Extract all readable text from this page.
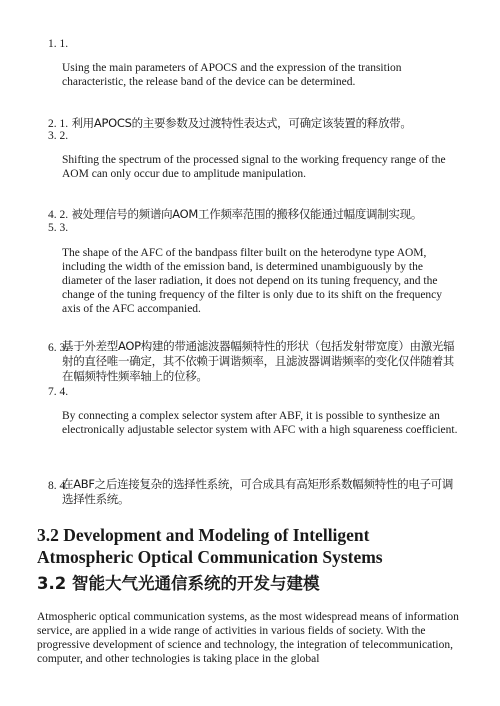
1. 1.
Using the main parameters of APOCS and the expression of the transition characteristic, the release band of the device can be determined.
2. 1. 利用APOCS的主要参数及过渡特性表达式，可确定该装置的释放带。
3. 2.
Shifting the spectrum of the processed signal to the working frequency range of the AOM can only occur due to amplitude manipulation.
4. 2. 被处理信号的频谱向AOM工作频率范围的搬移仅能通过幅度调制实现。
5. 3.
The shape of the AFC of the bandpass filter built on the heterodyne type AOM, including the width of the emission band, is determined unambiguously by the diameter of the laser radiation, it does not depend on its tuning frequency, and the change of the tuning frequency of the filter is only due to its shift on the frequency axis of the AFC accompanied.
6. 3.
基于外差型AOP构建的带通滤波器幅频特性的形状（包括发射带宽度）由激光辐射的直径唯一确定，其不依赖于调谐频率，且滤波器调谐频率的变化仅伴随着其在幅频特性频率轴上的位移。
7. 4.
By connecting a complex selector system after ABF, it is possible to synthesize an electronically adjustable selector system with AFC with a high squareness coefficient.
8. 4.
在ABF之后连接复杂的选择性系统，可合成具有高矩形系数幅频特性的电子可调选择性系统。
3.2 Development and Modeling of Intelligent Atmospheric Optical Communication Systems
3.2 智能大气光通信系统的开发与建模
Atmospheric optical communication systems, as the most widespread means of information service, are applied in a wide range of activities in various fields of society. With the progressive development of science and technology, the integration of telecommunication, computer, and other technologies is taking place in the global
